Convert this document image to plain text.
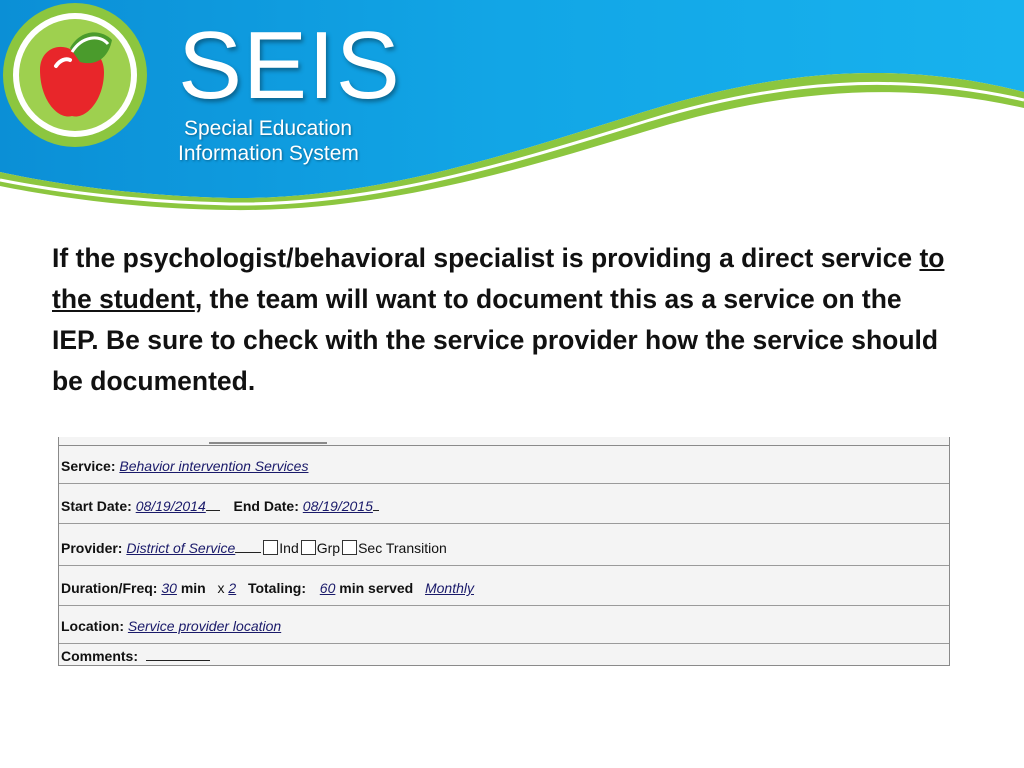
SEIS
Special Education
Information System
If the psychologist/behavioral specialist is providing a direct service to the student, the team will want to document this as a service on the IEP. Be sure to check with the service provider how the service should be documented.
Service: Behavior intervention Services
Start Date: 08/19/2014 End Date: 08/19/2015
Provider: District of Service	Ind Grp Sec Transition
Duration/Freq: 30 min x 2 Totaling: 60 min served Monthly
Location: Service provider location
Comments:
